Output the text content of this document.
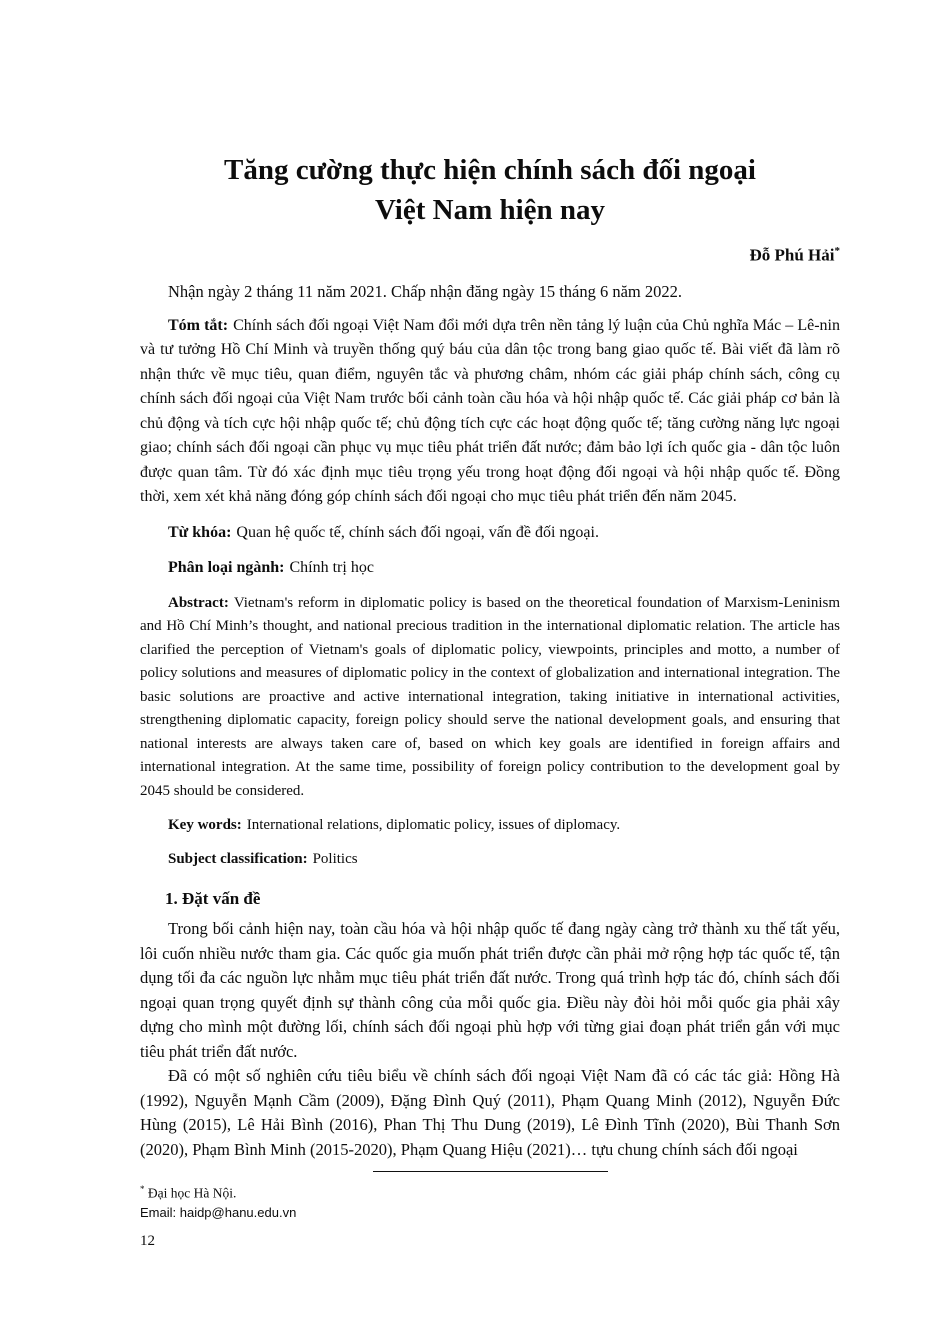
Tăng cường thực hiện chính sách đối ngoại
Việt Nam hiện nay
Đỗ Phú Hải*
Nhận ngày 2 tháng 11 năm 2021. Chấp nhận đăng ngày 15 tháng 6 năm 2022.

Tóm tắt: Chính sách đối ngoại Việt Nam đổi mới dựa trên nền tảng lý luận của Chủ nghĩa Mác – Lê-nin và tư tưởng Hồ Chí Minh và truyền thống quý báu của dân tộc trong bang giao quốc tế. Bài viết đã làm rõ nhận thức về mục tiêu, quan điểm, nguyên tắc và phương châm, nhóm các giải pháp chính sách, công cụ chính sách đối ngoại của Việt Nam trước bối cảnh toàn cầu hóa và hội nhập quốc tế. Các giải pháp cơ bản là chủ động và tích cực hội nhập quốc tế; chủ động tích cực các hoạt động quốc tế; tăng cường năng lực ngoại giao; chính sách đối ngoại cần phục vụ mục tiêu phát triển đất nước; đảm bảo lợi ích quốc gia - dân tộc luôn được quan tâm. Từ đó xác định mục tiêu trọng yếu trong hoạt động đối ngoại và hội nhập quốc tế. Đồng thời, xem xét khả năng đóng góp chính sách đối ngoại cho mục tiêu phát triển đến năm 2045.

Từ khóa: Quan hệ quốc tế, chính sách đối ngoại, vấn đề đối ngoại.

Phân loại ngành: Chính trị học

Abstract: Vietnam's reform in diplomatic policy is based on the theoretical foundation of Marxism-Leninism and Hồ Chí Minh’s thought, and national precious tradition in the international diplomatic relation. The article has clarified the perception of Vietnam's goals of diplomatic policy, viewpoints, principles and motto, a number of policy solutions and measures of diplomatic policy in the context of globalization and international integration. The basic solutions are proactive and active international integration, taking initiative in international activities, strengthening diplomatic capacity, foreign policy should serve the national development goals, and ensuring that national interests are always taken care of, based on which key goals are identified in foreign affairs and international integration. At the same time, possibility of foreign policy contribution to the development goal by 2045 should be considered.

Key words: International relations, diplomatic policy, issues of diplomacy.

Subject classification: Politics

1. Đặt vấn đề

Trong bối cảnh hiện nay, toàn cầu hóa và hội nhập quốc tế đang ngày càng trở thành xu thế tất yếu, lôi cuốn nhiều nước tham gia. Các quốc gia muốn phát triển được cần phải mở rộng hợp tác quốc tế, tận dụng tối đa các nguồn lực nhằm mục tiêu phát triển đất nước. Trong quá trình hợp tác đó, chính sách đối ngoại quan trọng quyết định sự thành công của mỗi quốc gia. Điều này đòi hỏi mỗi quốc gia phải xây dựng cho mình một đường lối, chính sách đối ngoại phù hợp với từng giai đoạn phát triển gắn với mục tiêu phát triển đất nước.

Đã có một số nghiên cứu tiêu biểu về chính sách đối ngoại Việt Nam đã có các tác giả: Hồng Hà (1992), Nguyễn Mạnh Cầm (2009), Đặng Đình Quý (2011), Phạm Quang Minh (2012), Nguyễn Đức Hùng (2015), Lê Hải Bình (2016), Phan Thị Thu Dung (2019), Lê Đình Tĩnh (2020), Bùi Thanh Sơn (2020), Phạm Bình Minh (2015-2020), Phạm Quang Hiệu (2021)… tựu chung chính sách đối ngoại

* Đại học Hà Nội.
Email: haidp@hanu.edu.vn
12
